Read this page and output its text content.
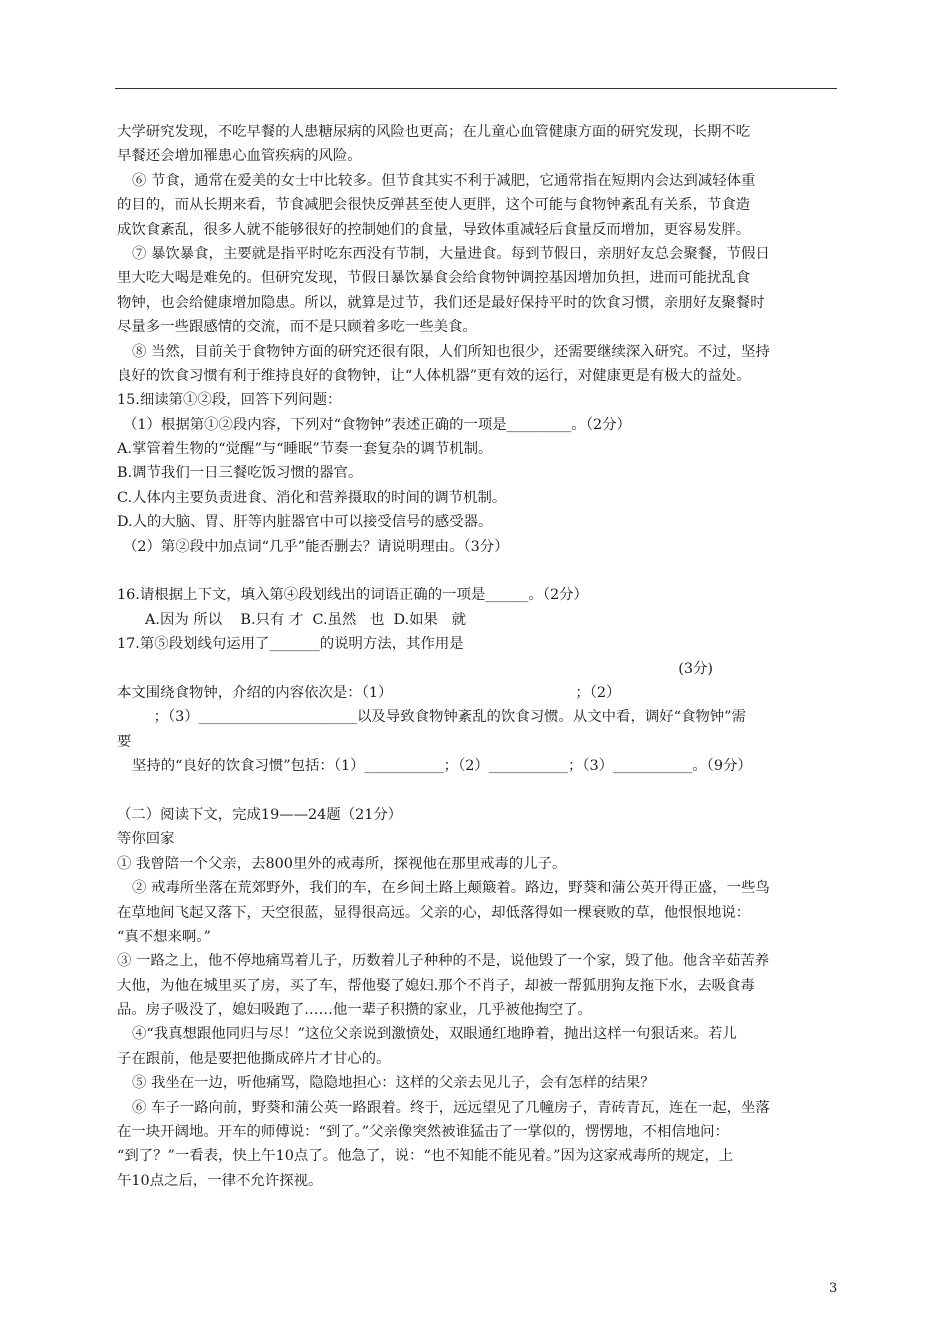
大学研究发现，不吃早餐的人患糖尿病的风险也更高；在儿童心血管健康方面的研究发现，长期不吃
早餐还会增加罹患心血管疾病的风险。
⑥ 节食，通常在爱美的女士中比较多。但节食其实不利于减肥，它通常指在短期内会达到减轻体重
的目的，而从长期来看，节食减肥会很快反弹甚至使人更胖，这个可能与食物钟紊乱有关系，节食造
成饮食紊乱，很多人就不能够很好的控制她们的食量，导致体重减轻后食量反而增加，更容易发胖。
⑦ 暴饮暴食，主要就是指平时吃东西没有节制，大量进食。每到节假日，亲朋好友总会聚餐，节假日
里大吃大喝是难免的。但研究发现，节假日暴饮暴食会给食物钟调控基因增加负担，进而可能扰乱食
物钟，也会给健康增加隐患。所以，就算是过节，我们还是最好保持平时的饮食习惯，亲朋好友聚餐时
尽量多一些跟感情的交流，而不是只顾着多吃一些美食。
⑧ 当然，目前关于食物钟方面的研究还很有限，人们所知也很少，还需要继续深入研究。不过，坚持
良好的饮食习惯有利于维持良好的食物钟，让“人体机器”更有效的运行，对健康更是有极大的益处。
15.细读第①②段，回答下列问题：
（1）根据第①②段内容，下列对“食物钟”表述正确的一项是_________。（2分）
A.掌管着生物的“觉醒”与“睡眠”节奏一套复杂的调节机制。
B.调节我们一日三餐吃饭习惯的器官。
C.人体内主要负责进食、消化和营养摄取的时间的调节机制。
D.人的大脑、胃、肝等内脏器官中可以接受信号的感受器。
（2）第②段中加点词“几乎”能否删去？请说明理由。（3分）
16.请根据上下文，填入第④段划线出的词语正确的一项是______。（2分）
A.因为 所以    B.只有 才  C.虽然   也  D.如果   就
17.第⑤段划线句运用了_______的说明方法，其作用是
(3分)
本文围绕食物钟，介绍的内容依次是：（1）                                        ；（2）
；（3）______________________以及导致食物钟紊乱的饮食习惯。从文中看，调好“食物钟”需
要
坚持的“良好的饮食习惯”包括：（1）___________；（2）___________；（3）___________。（9分）
（二）阅读下文，完成19——24题（21分）
等你回家
① 我曾陪一个父亲，去800里外的戒毒所，探视他在那里戒毒的儿子。
② 戒毒所坐落在荒郊野外，我们的车，在乡间土路上颠簸着。路边，野葵和蒲公英开得正盛，一些鸟
在草地间飞起又落下，天空很蓝，显得很高远。父亲的心，却低落得如一棵衰败的草，他恨恨地说：
“真不想来啊。”
③ 一路之上，他不停地痛骂着儿子，历数着儿子种种的不是，说他毁了一个家，毁了他。他含辛茹苦养
大他，为他在城里买了房，买了车，帮他娶了媳妇.那个不肖子，却被一帮狐朋狗友拖下水，去吸食毒
品。房子吸没了，媳妇吸跑了……他一辈子积攒的家业，几乎被他掏空了。
④“我真想跟他同归与尽！”这位父亲说到激愤处，双眼通红地睁着，抛出这样一句狠话来。若儿
子在跟前，他是要把他撕成碎片才甘心的。
⑤ 我坐在一边，听他痛骂，隐隐地担心：这样的父亲去见儿子，会有怎样的结果？
⑥ 车子一路向前，野葵和蒲公英一路跟着。终于，远远望见了几幢房子，青砖青瓦，连在一起，坐落
在一块开阔地。开车的师傅说：“到了。”父亲像突然被谁猛击了一掌似的，愣愣地，不相信地问：
“到了？”一看表，快上午10点了。他急了，说：“也不知能不能见着。”因为这家戒毒所的规定，上
午10点之后，一律不允许探视。
3
